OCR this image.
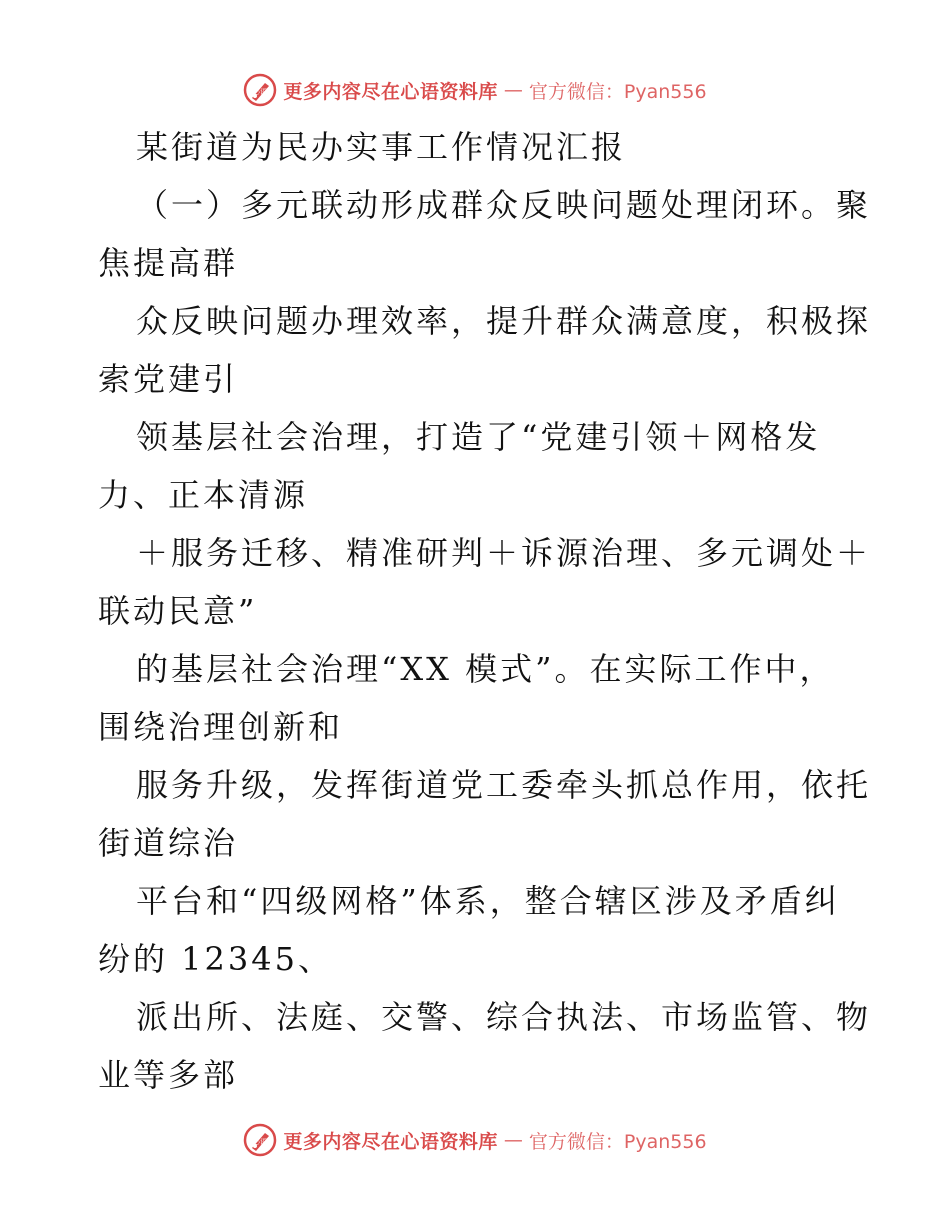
心语 更多内容尽在心语资料库 — 官方微信：Pyan556

某街道为民办实事工作情况汇报

（一）多元联动形成群众反映问题处理闭环。聚

焦提高群

众反映问题办理效率，提升群众满意度，积极探

索党建引

领基层社会治理，打造了“党建引领＋网格发

力、正本清源

＋服务迁移、精准研判＋诉源治理、多元调处＋

联动民意”

的基层社会治理“XX 模式”。在实际工作中，

围绕治理创新和

服务升级，发挥街道党工委牵头抓总作用，依托

街道综治

平台和“四级网格”体系，整合辖区涉及矛盾纠

纷的 12345、

派出所、法庭、交警、综合执法、市场监管、物

业等多部

心语 更多内容尽在心语资料库 — 官方微信：Pyan556
